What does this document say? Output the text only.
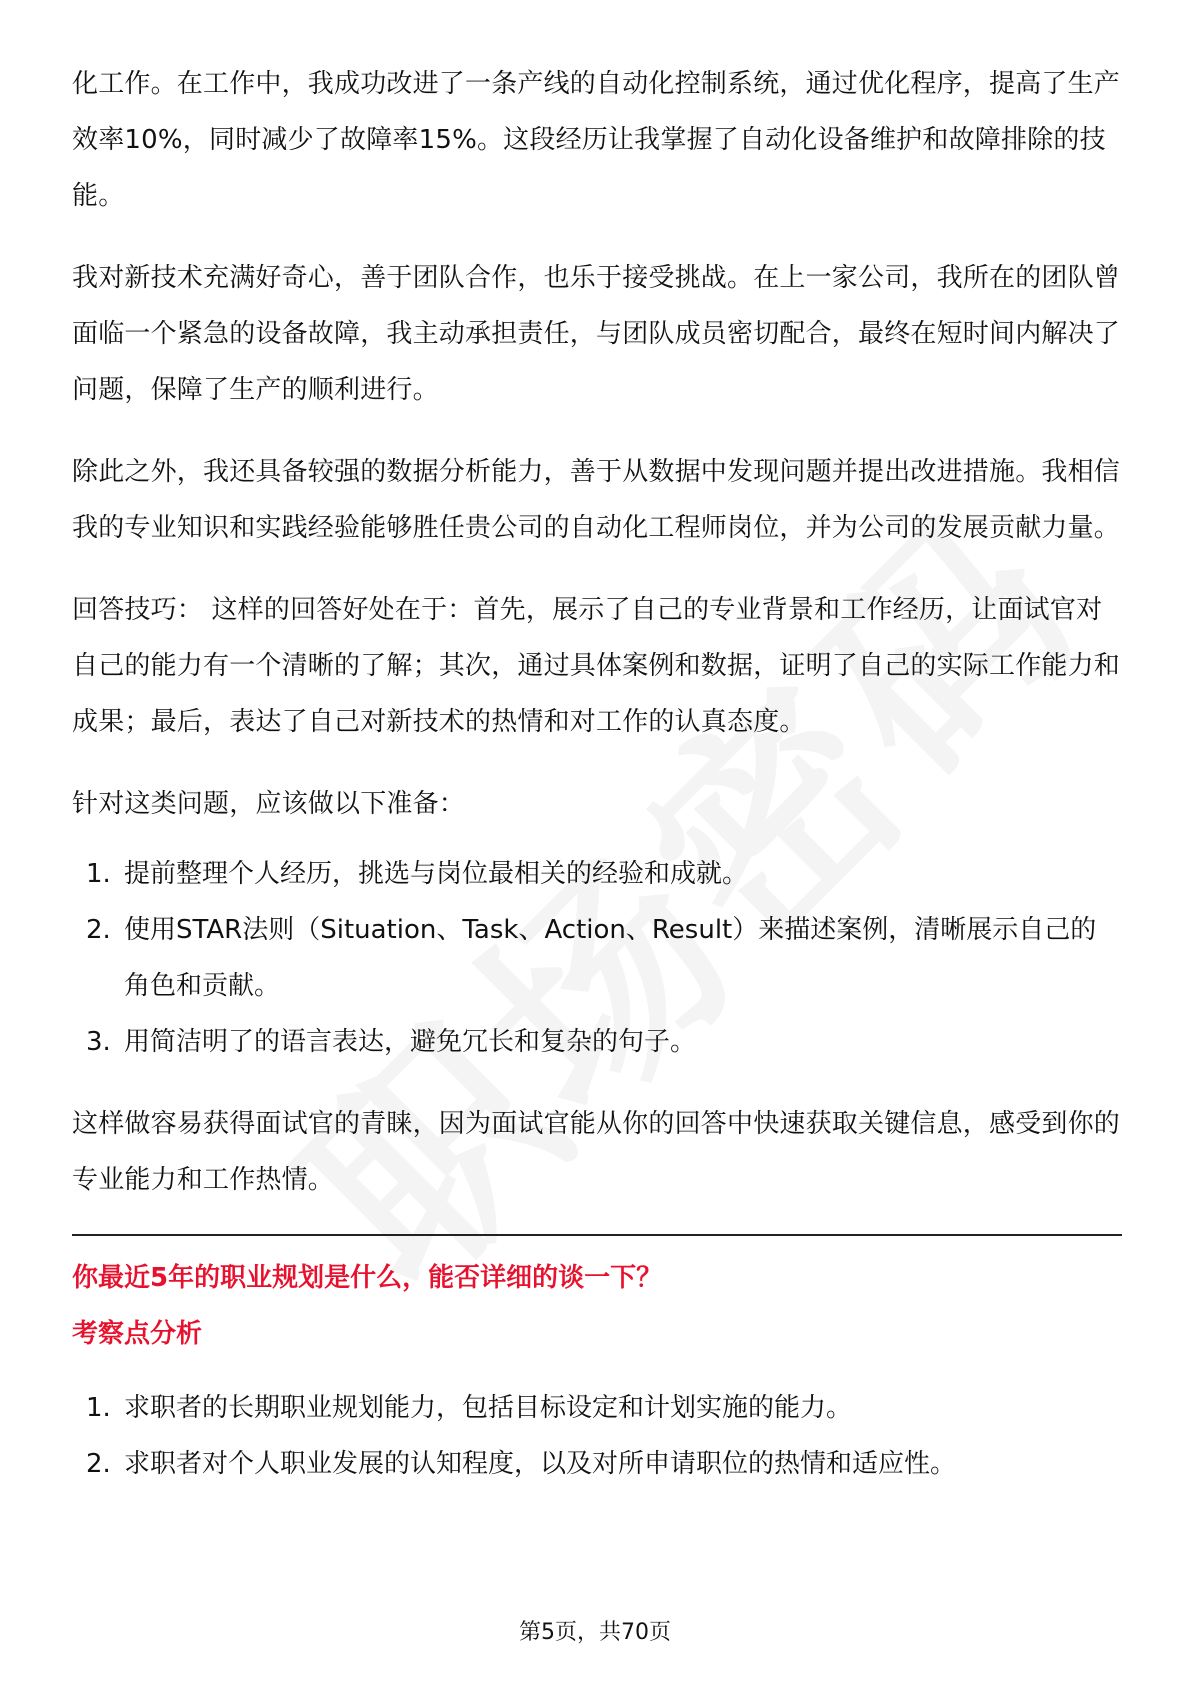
化工作。在工作中，我成功改进了一条产线的自动化控制系统，通过优化程序，提高了生产效率10%，同时减少了故障率15%。这段经历让我掌握了自动化设备维护和故障排除的技能。

我对新技术充满好奇心，善于团队合作，也乐于接受挑战。在上一家公司，我所在的团队曾面临一个紧急的设备故障，我主动承担责任，与团队成员密切配合，最终在短时间内解决了问题，保障了生产的顺利进行。

除此之外，我还具备较强的数据分析能力，善于从数据中发现问题并提出改进措施。我相信我的专业知识和实践经验能够胜任贵公司的自动化工程师岗位，并为公司的发展贡献力量。

回答技巧： 这样的回答好处在于：首先，展示了自己的专业背景和工作经历，让面试官对自己的能力有一个清晰的了解；其次，通过具体案例和数据，证明了自己的实际工作能力和成果；最后，表达了自己对新技术的热情和对工作的认真态度。

针对这类问题，应该做以下准备：

1. 提前整理个人经历，挑选与岗位最相关的经验和成就。
2. 使用STAR法则（Situation、Task、Action、Result）来描述案例，清晰展示自己的角色和贡献。
3. 用简洁明了的语言表达，避免冗长和复杂的句子。

这样做容易获得面试官的青睐，因为面试官能从你的回答中快速获取关键信息，感受到你的专业能力和工作热情。

你最近5年的职业规划是什么，能否详细的谈一下？

考察点分析

1. 求职者的长期职业规划能力，包括目标设定和计划实施的能力。
2. 求职者对个人职业发展的认知程度，以及对所申请职位的热情和适应性。
第5页，共70页
